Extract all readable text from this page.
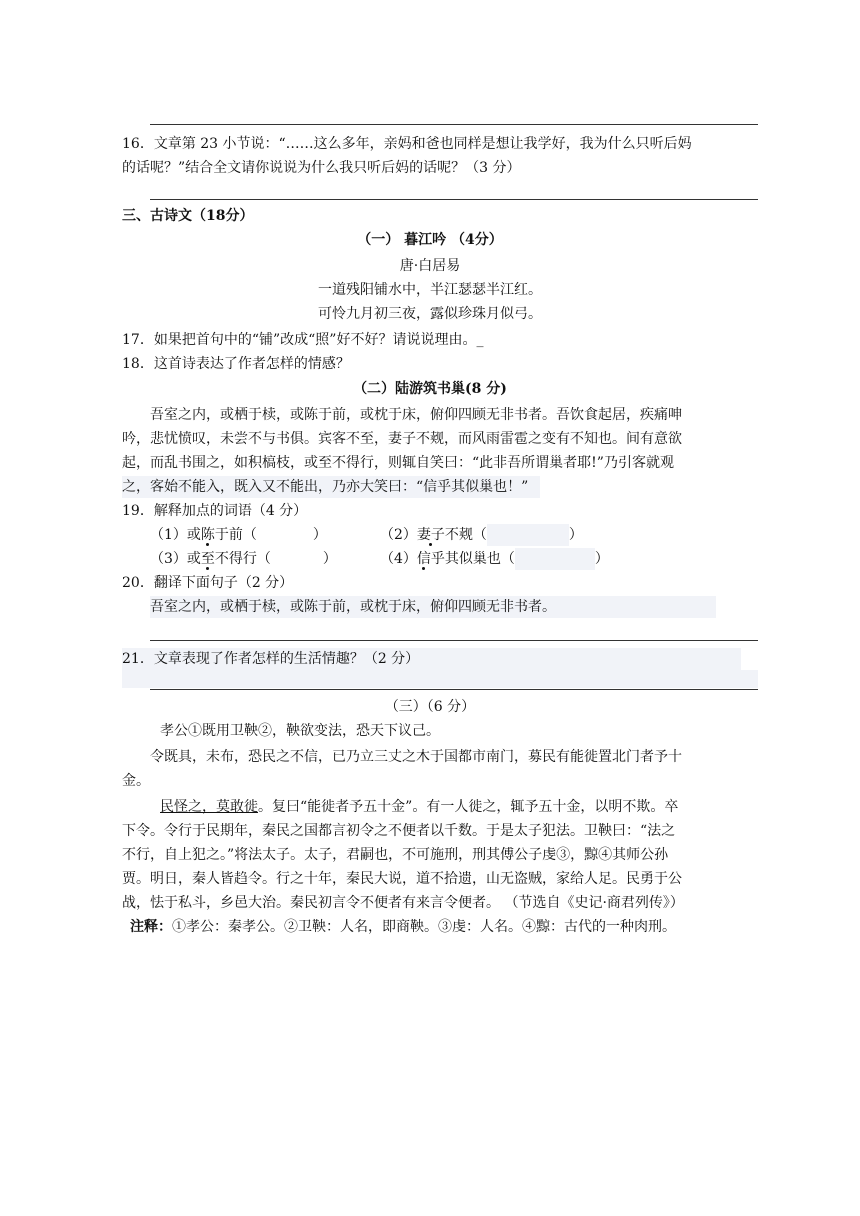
16．文章第 23 小节说：“……这么多年，亲妈和爸也同样是想让我学好，我为什么只听后妈
的话呢？”结合全文请你说说为什么我只听后妈的话呢？（3 分）
三、古诗文（18分）
（一） 暮江吟 （4分）
唐·白居易
一道残阳铺水中，半江瑟瑟半江红。
可怜九月初三夜，露似珍珠月似弓。
17．如果把首句中的“铺”改成“照”好不好？请说说理由。_
18．这首诗表达了作者怎样的情感？
（二）陆游筑书巢(8 分)
吾室之内，或栖于椟，或陈于前，或枕于床，俯仰四顾无非书者。吾饮食起居，疾痛呻
吟，悲忧愤叹，未尝不与书俱。宾客不至，妻子不觌，而风雨雷雹之变有不知也。间有意欲
起，而乱书围之，如积槁枝，或至不得行，则辄自笑曰：“此非吾所谓巢者耶!”乃引客就观
之，客始不能入，既入又不能出，乃亦大笑曰：“信乎其似巢也！”
19．解释加点的词语（4 分）
（1）或陈于前（	）	（2）妻子不觌（	）
（3）或至不得行（	）	（4）信乎其似巢也（	）
20．翻译下面句子（2 分）
吾室之内，或栖于椟，或陈于前，或枕于床，俯仰四顾无非书者。
21．文章表现了作者怎样的生活情趣？（2 分）
（三）（6 分）
孝公①既用卫鞅②，鞅欲变法，恐天下议己。
令既具，未布，恐民之不信，已乃立三丈之木于国都市南门，募民有能徙置北门者予十
金。
民怪之，莫敢徙。复曰“能徙者予五十金”。有一人徙之，辄予五十金，以明不欺。卒
下令。令行于民期年，秦民之国都言初令之不便者以千数。于是太子犯法。卫鞅曰：“法之
不行，自上犯之。”将法太子。太子，君嗣也，不可施刑，刑其傅公子虔③，黥④其师公孙
贾。明日，秦人皆趋令。行之十年，秦民大说，道不拾遗，山无盗贼，家给人足。民勇于公
战，怯于私斗，乡邑大治。秦民初言令不便者有来言令便者。 （节选自《史记·商君列传》）
注释：①孝公：秦孝公。②卫鞅：人名，即商鞅。③虔：人名。④黥：古代的一种肉刑。
